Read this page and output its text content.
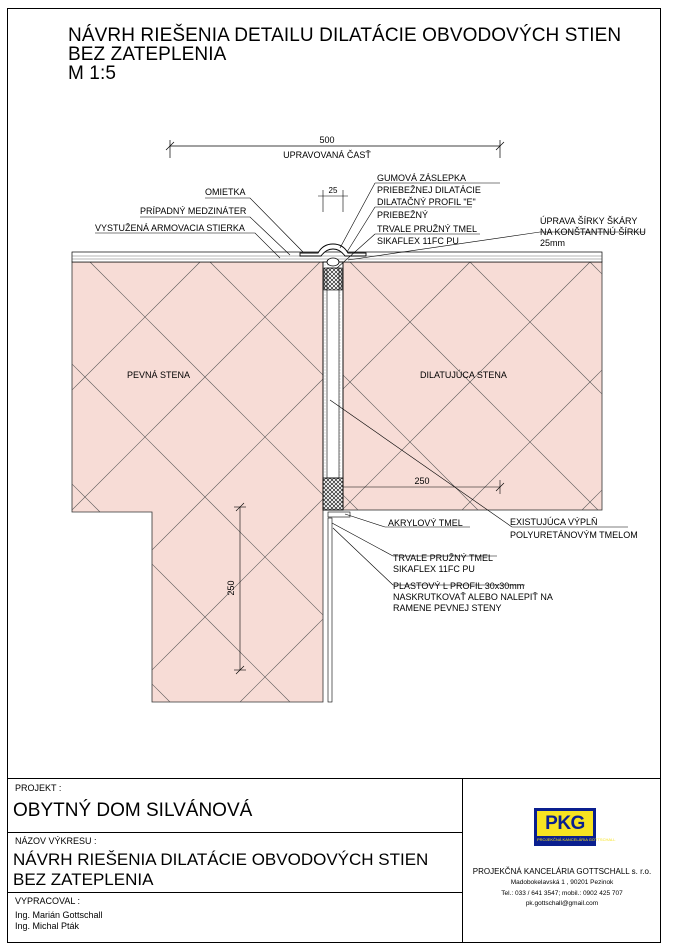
NÁVRH RIEŠENIA DETAILU DILATÁCIE OBVODOVÝCH STIEN
BEZ ZATEPLENIA
M 1:5
500
UPRAVOVANÁ ČASŤ
25
250
250
OMIETKA
PRÍPADNÝ MEDZINÁTER
VYSTUŽENÁ ARMOVACIA STIERKA
GUMOVÁ ZÁSLEPKA
PRIEBEŽNEJ DILATÁCIE
DILATAČNÝ PROFIL "E"
PRIEBEŽNÝ
TRVALE PRUŽNÝ TMEL
SIKAFLEX 11FC PU
ÚPRAVA ŠÍRKY ŠKÁRY
NA KONŠTANTNÚ ŠÍRKU
25mm
PEVNÁ STENA	DILATUJÚCA STENA
AKRYLOVÝ TMEL	EXISTUJÚCA VÝPLŇ
POLYURETÁNOVÝM TMELOM
TRVALE PRUŽNÝ TMEL
SIKAFLEX 11FC PU
PLASTOVÝ L PROFIL 30x30mm
NASKRUTKOVAŤ ALEBO NALEPIŤ NA
RAMENE PEVNEJ STENY
PROJEKT :
OBYTNÝ DOM SILVÁNOVÁ
NÁZOV VÝKRESU :
NÁVRH RIEŠENIA DILATÁCIE OBVODOVÝCH STIEN
BEZ ZATEPLENIA
VYPRACOVAL :
Ing. Marián Gottschall
Ing. Michal Pták
PKG
PROJEKČNÁ KANCELÁRIA GOTTSCHALL
PROJEKČNÁ KANCELÁRIA GOTTSCHALL s. r.o.
Madobokelavská 1 , 90201 Pezinok
Tel.: 033 / 641 3547; mobil.: 0902 425 707
pk.gottschall@gmail.com
